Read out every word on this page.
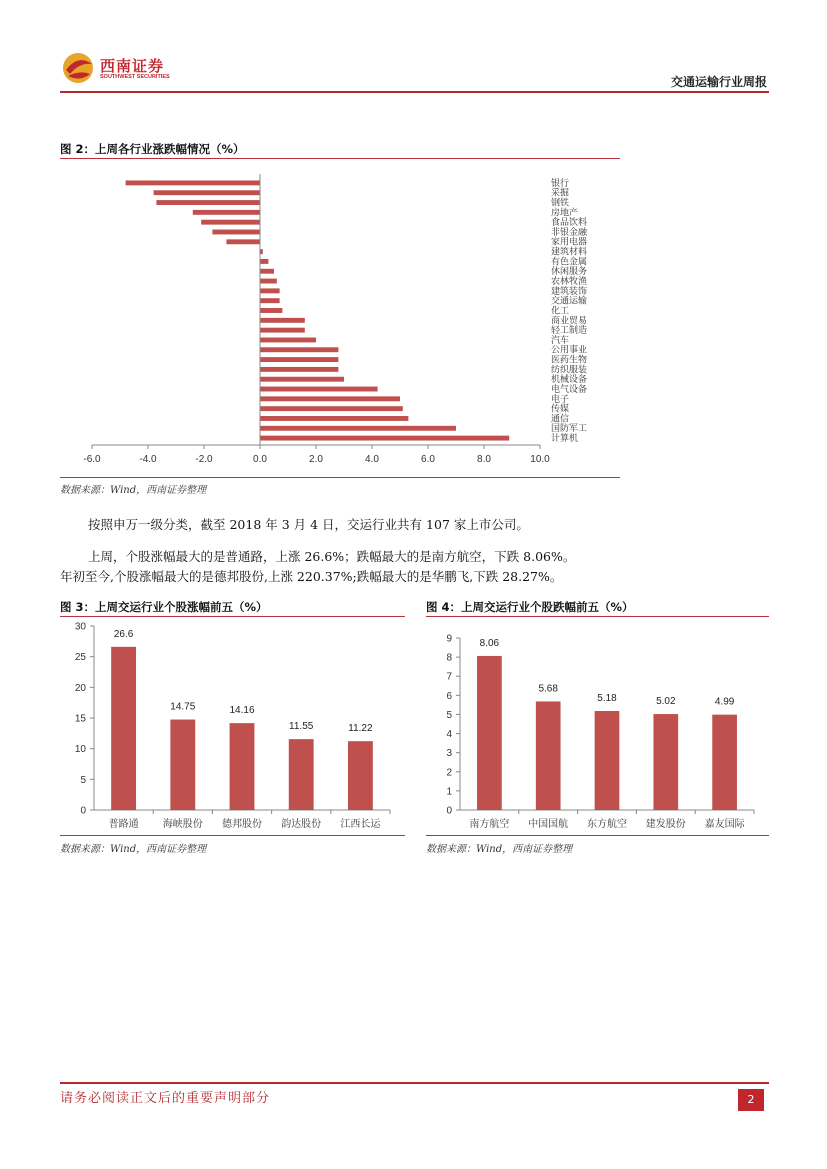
西南证券
SOUTHWEST SECURITIES	交通运输行业周报
图 2：上周各行业涨跌幅情况（%）
银行
采掘
钢铁
房地产
食品饮料
非银金融
家用电器
建筑材料
有色金属
休闲服务
农林牧渔
建筑装饰
交通运输
化工
商业贸易
轻工制造
汽车
公用事业
医药生物
纺织服装
机械设备
电气设备
电子
传媒
通信
国防军工
计算机
-6.0	-4.0	-2.0	0.0	2.0	4.0	6.0	8.0	10.0
数据来源：Wind，西南证券整理
按照申万一级分类，截至 2018 年 3 月 4 日，交运行业共有 107 家上市公司。
上周，个股涨幅最大的是普通路，上涨 26.6%；跌幅最大的是南方航空，下跌 8.06%。
年初至今,个股涨幅最大的是德邦股份,上涨 220.37%;跌幅最大的是华鹏飞,下跌 28.27%。
图 3：上周交运行业个股涨幅前五（%）
0
5
10
15
20
25
30
26.6
普路通
14.75
海峡股份
14.16
德邦股份
11.55
韵达股份
11.22
江西长运
数据来源：Wind，西南证券整理
图 4：上周交运行业个股跌幅前五（%）
0
1
2
3
4
5
6
7
8
9	8.06
南方航空
5.68
中国国航
5.18
东方航空
5.02
建发股份
4.99
嘉友国际
数据来源：Wind，西南证券整理
请务必阅读正文后的重要声明部分	2
